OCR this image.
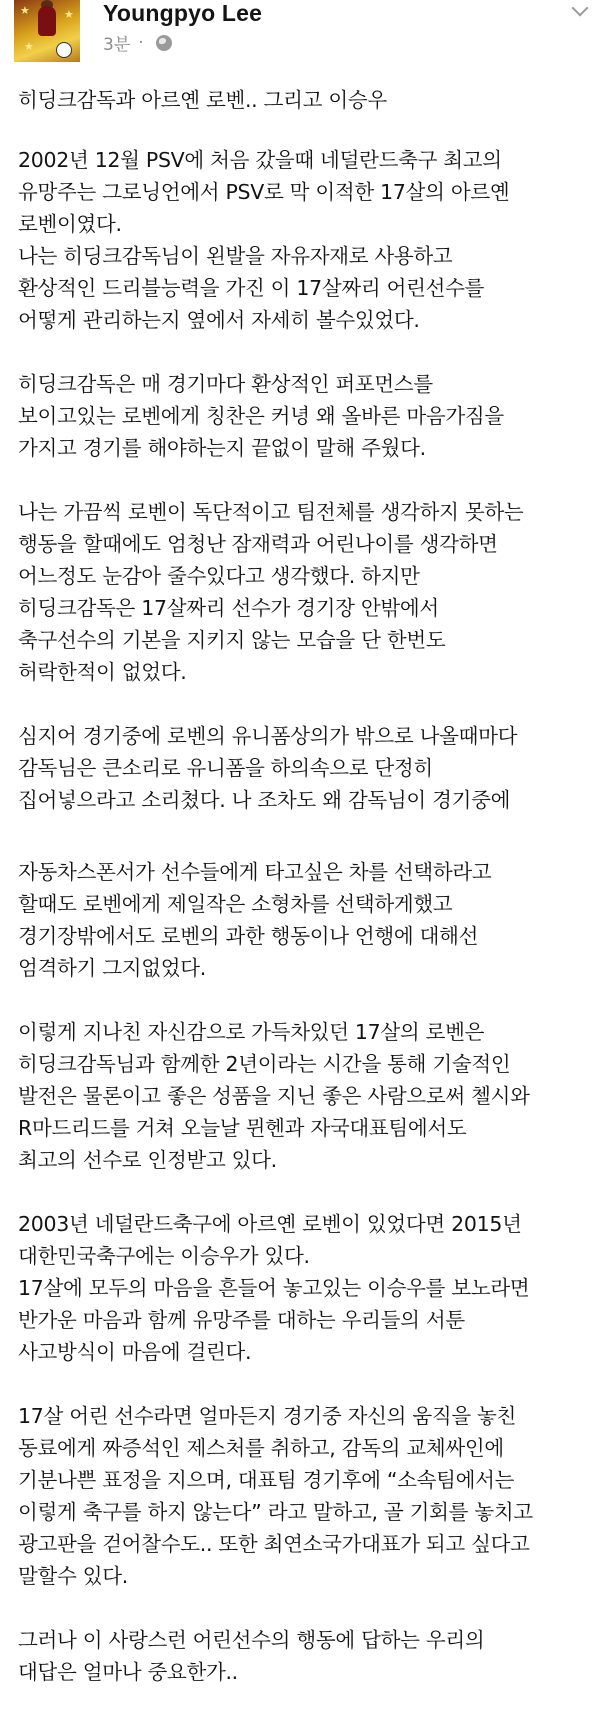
★	★
★
Youngpyo Lee
3분 ·

히딩크감독과 아르옌 로벤.. 그리고 이승우

2002년 12월 PSV에 처음 갔을때 네덜란드축구 최고의
유망주는 그로닝언에서 PSV로 막 이적한 17살의 아르옌
로벤이였다.
나는 히딩크감독님이 왼발을 자유자재로 사용하고
환상적인 드리블능력을 가진 이 17살짜리 어린선수를
어떻게 관리하는지 옆에서 자세히 볼수있었다.

히딩크감독은 매 경기마다 환상적인 퍼포먼스를
보이고있는 로벤에게 칭찬은 커녕 왜 올바른 마음가짐을
가지고 경기를 해야하는지 끝없이 말해 주웠다.

나는 가끔씩 로벤이 독단적이고 팀전체를 생각하지 못하는
행동을 할때에도 엄청난 잠재력과 어린나이를 생각하면
어느정도 눈감아 줄수있다고 생각했다. 하지만
히딩크감독은 17살짜리 선수가 경기장 안밖에서
축구선수의 기본을 지키지 않는 모습을 단 한번도
허락한적이 없었다.

심지어 경기중에 로벤의 유니폼상의가 밖으로 나올때마다
감독님은 큰소리로 유니폼을 하의속으로 단정히
집어넣으라고 소리쳤다. 나 조차도 왜 감독님이 경기중에

자동차스폰서가 선수들에게 타고싶은 차를 선택하라고
할때도 로벤에게 제일작은 소형차를 선택하게했고
경기장밖에서도 로벤의 과한 행동이나 언행에 대해선
엄격하기 그지없었다.

이렇게 지나친 자신감으로 가득차있던 17살의 로벤은
히딩크감독님과 함께한 2년이라는 시간을 통해 기술적인
발전은 물론이고 좋은 성품을 지닌 좋은 사람으로써 첼시와
R마드리드를 거쳐 오늘날 뮌헨과 자국대표팀에서도
최고의 선수로 인정받고 있다.

2003년 네덜란드축구에 아르옌 로벤이 있었다면 2015년
대한민국축구에는 이승우가 있다.
17살에 모두의 마음을 흔들어 놓고있는 이승우를 보노라면
반가운 마음과 함께 유망주를 대하는 우리들의 서툰
사고방식이 마음에 걸린다.

17살 어린 선수라면 얼마든지 경기중 자신의 움직을 놓친
동료에게 짜증석인 제스처를 취하고, 감독의 교체싸인에
기분나쁜 표정을 지으며, 대표팀 경기후에 “소속팀에서는
이렇게 축구를 하지 않는다” 라고 말하고, 골 기회를 놓치고
광고판을 걷어찰수도.. 또한 최연소국가대표가 되고 싶다고
말할수 있다.

그러나 이 사랑스런 어린선수의 행동에 답하는 우리의
대답은 얼마나 중요한가..
